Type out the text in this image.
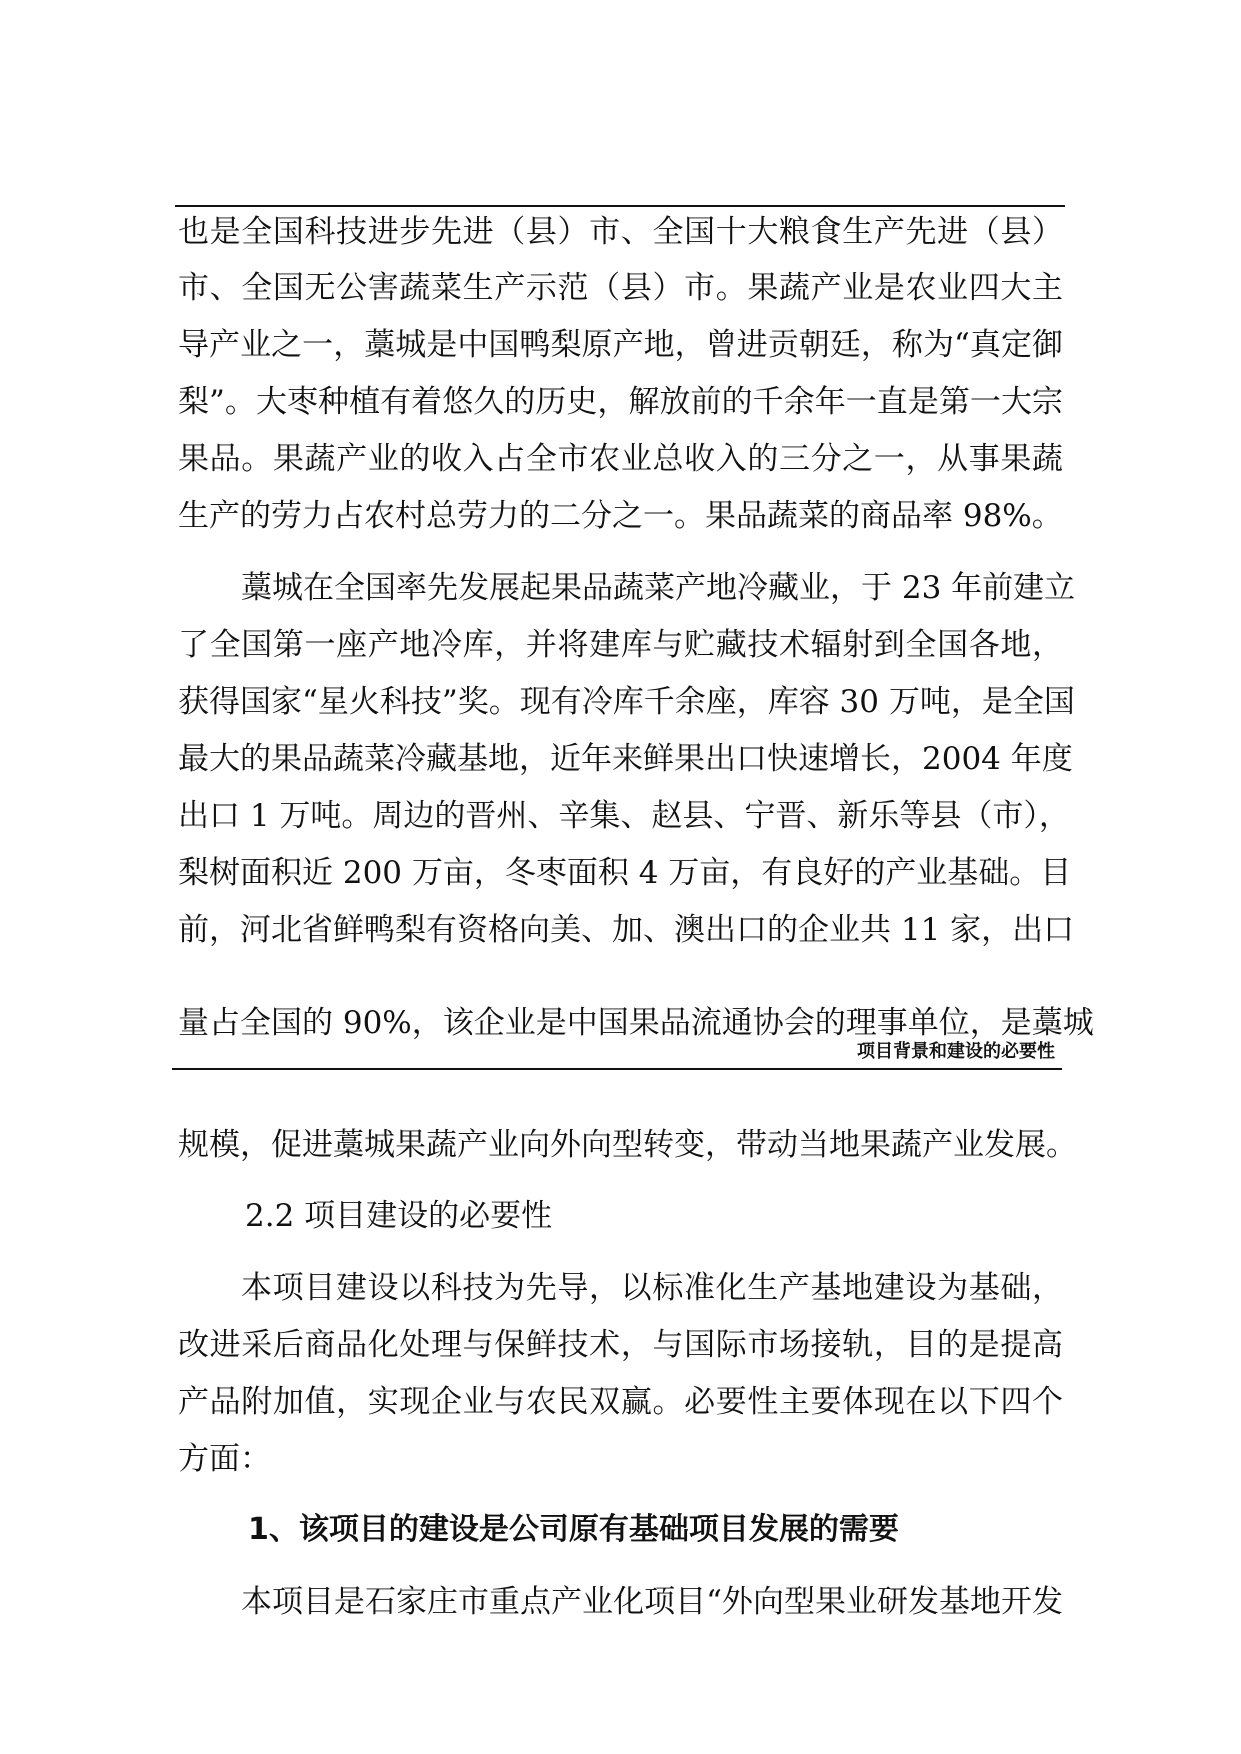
也是全国科技进步先进（县）市、全国十大粮食生产先进（县）
市、全国无公害蔬菜生产示范（县）市。果蔬产业是农业四大主
导产业之一，藁城是中国鸭梨原产地，曾进贡朝廷，称为“真定御
梨”。大枣种植有着悠久的历史，解放前的千余年一直是第一大宗
果品。果蔬产业的收入占全市农业总收入的三分之一，从事果蔬
生产的劳力占农村总劳力的二分之一。果品蔬菜的商品率 98%。
藁城在全国率先发展起果品蔬菜产地冷藏业，于 23 年前建立
了全国第一座产地冷库，并将建库与贮藏技术辐射到全国各地，
获得国家“星火科技”奖。现有冷库千余座，库容 30 万吨，是全国
最大的果品蔬菜冷藏基地，近年来鲜果出口快速增长，2004 年度
出口 1 万吨。周边的晋州、辛集、赵县、宁晋、新乐等县（市），
梨树面积近 200 万亩，冬枣面积 4 万亩，有良好的产业基础。目
前，河北省鲜鸭梨有资格向美、加、澳出口的企业共 11 家，出口
量占全国的 90%，该企业是中国果品流通协会的理事单位，是藁城
项目背景和建设的必要性
规模，促进藁城果蔬产业向外向型转变，带动当地果蔬产业发展。
2.2 项目建设的必要性
本项目建设以科技为先导，以标准化生产基地建设为基础，
改进采后商品化处理与保鲜技术，与国际市场接轨，目的是提高
产品附加值，实现企业与农民双赢。必要性主要体现在以下四个
方面：
1、该项目的建设是公司原有基础项目发展的需要
本项目是石家庄市重点产业化项目“外向型果业研发基地开发
